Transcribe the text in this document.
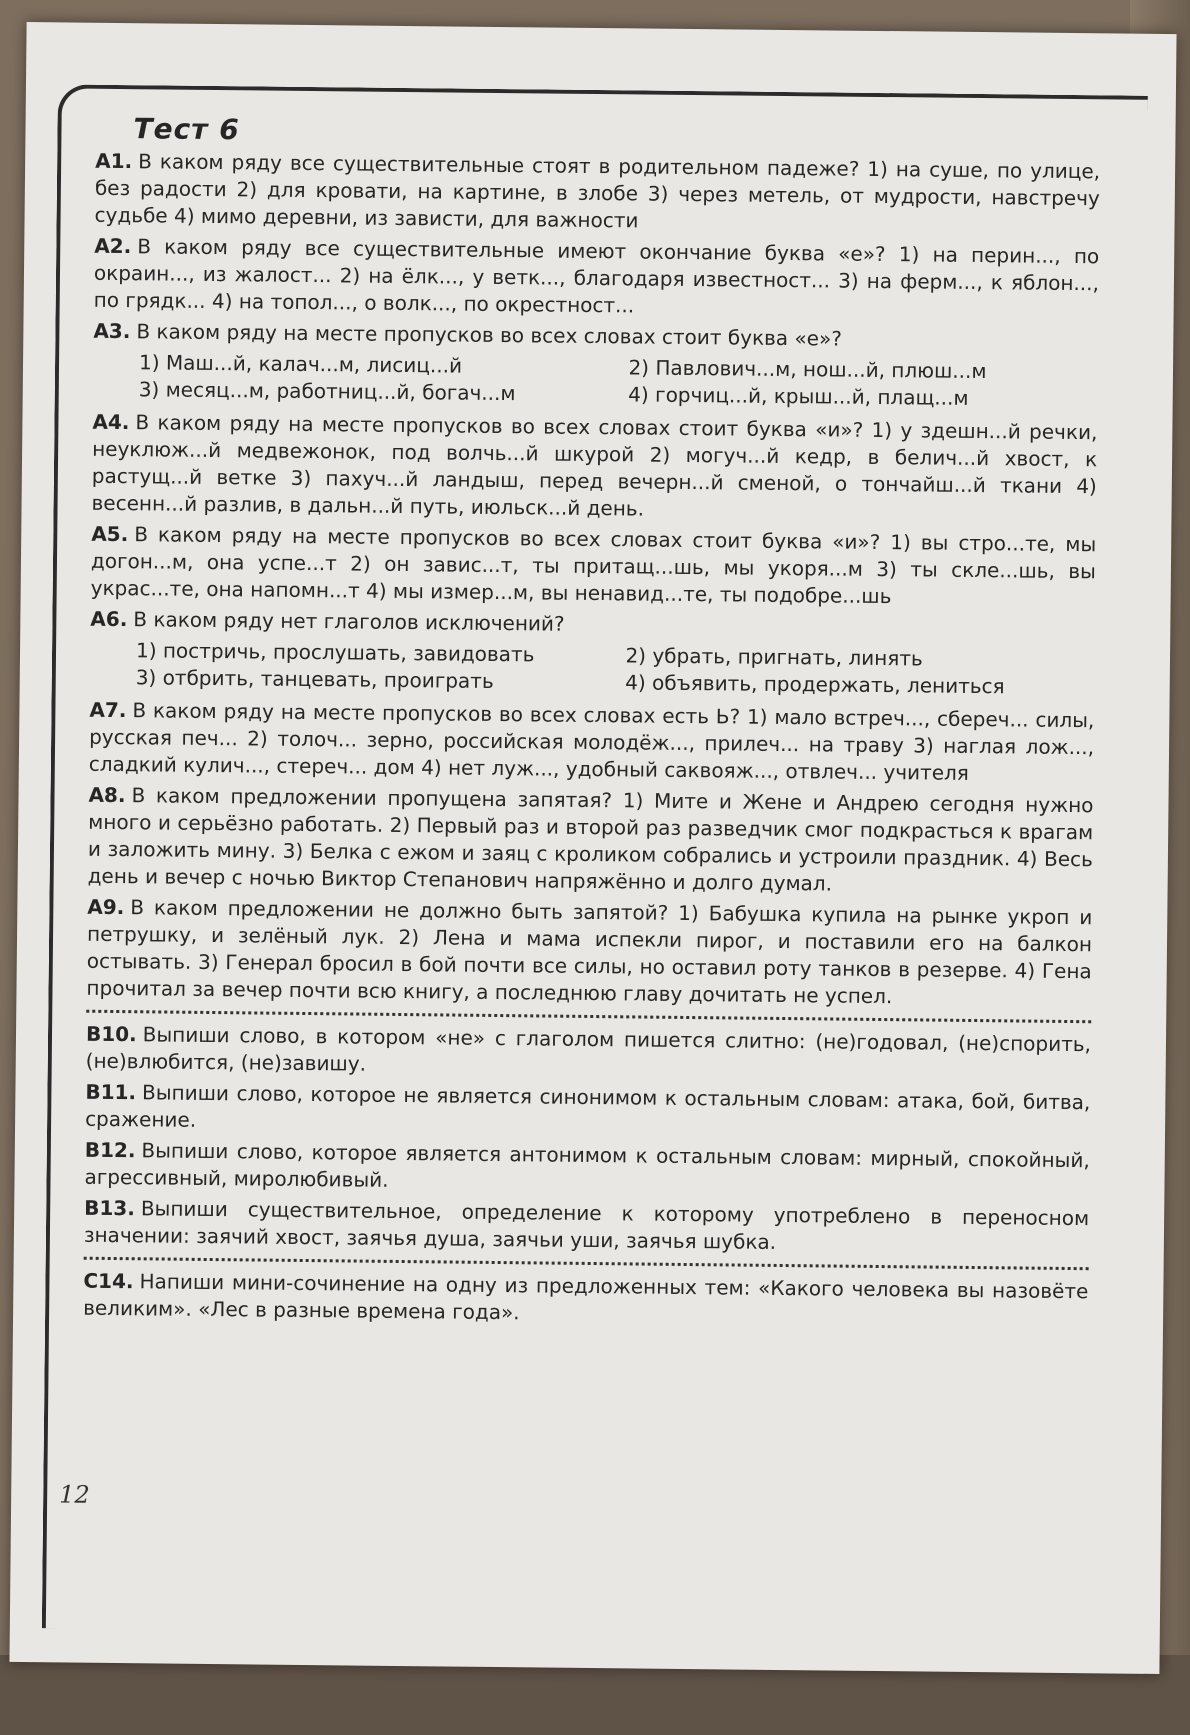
Тест 6
А1. В каком ряду все существительные стоят в родительном падеже? 1) на суше, по улице, без радости 2) для кровати, на картине, в злобе 3) через метель, от мудрости, навстречу судьбе 4) мимо деревни, из зависти, для важности
А2. В каком ряду все существительные имеют окончание буква «е»? 1) на перин..., по окраин..., из жалост... 2) на ёлк..., у ветк..., благодаря известност... 3) на ферм..., к яблон..., по грядк... 4) на топол..., о волк..., по окрестност...
А3. В каком ряду на месте пропусков во всех словах стоит буква «е»?
1) Маш...й, калач...м, лисиц...й	2) Павлович...м, нош...й, плюш...м
3) месяц...м, работниц...й, богач...м	4) горчиц...й, крыш...й, плащ...м
А4. В каком ряду на месте пропусков во всех словах стоит буква «и»? 1) у здешн...й речки, неуклюж...й медвежонок, под волчь...й шкурой 2) могуч...й кедр, в белич...й хвост, к растущ...й ветке 3) пахуч...й ландыш, перед вечерн...й сменой, о тончайш...й ткани 4) весенн...й разлив, в дальн...й путь, июльск...й день.
А5. В каком ряду на месте пропусков во всех словах стоит буква «и»? 1) вы стро...те, мы догон...м, она успе...т 2) он завис...т, ты притащ...шь, мы укоря...м 3) ты скле...шь, вы украс...те, она напомн...т 4) мы измер...м, вы ненавид...те, ты подобре...шь
А6. В каком ряду нет глаголов исключений?
1) постричь, прослушать, завидовать	2) убрать, пригнать, линять
3) отбрить, танцевать, проиграть	4) объявить, продержать, лениться
А7. В каком ряду на месте пропусков во всех словах есть Ь? 1) мало встреч..., сбереч... силы, русская печ... 2) толоч... зерно, российская молодёж..., прилеч... на траву 3) наглая лож..., сладкий кулич..., стереч... дом 4) нет луж..., удобный саквояж..., отвлеч... учителя
А8. В каком предложении пропущена запятая? 1) Мите и Жене и Андрею сегодня нужно много и серьёзно работать. 2) Первый раз и второй раз разведчик смог подкрасться к врагам и заложить мину. 3) Белка с ежом и заяц с кроликом собрались и устроили праздник. 4) Весь день и вечер с ночью Виктор Степанович напряжённо и долго думал.
А9. В каком предложении не должно быть запятой? 1) Бабушка купила на рынке укроп и петрушку, и зелёный лук. 2) Лена и мама испекли пирог, и поставили его на балкон остывать. 3) Генерал бросил в бой почти все силы, но оставил роту танков в резерве. 4) Гена прочитал за вечер почти всю книгу, а последнюю главу дочитать не успел.
В10. Выпиши слово, в котором «не» с глаголом пишется слитно: (не)годовал, (не)спорить, (не)влюбится, (не)завишу.
В11. Выпиши слово, которое не является синонимом к остальным словам: атака, бой, битва, сражение.
В12. Выпиши слово, которое является антонимом к остальным словам: мирный, спокойный, агрессивный, миролюбивый.
В13. Выпиши существительное, определение к которому употреблено в переносном значении: заячий хвост, заячья душа, заячьи уши, заячья шубка.
С14. Напиши мини-сочинение на одну из предложенных тем: «Какого человека вы назовёте великим». «Лес в разные времена года».
12
